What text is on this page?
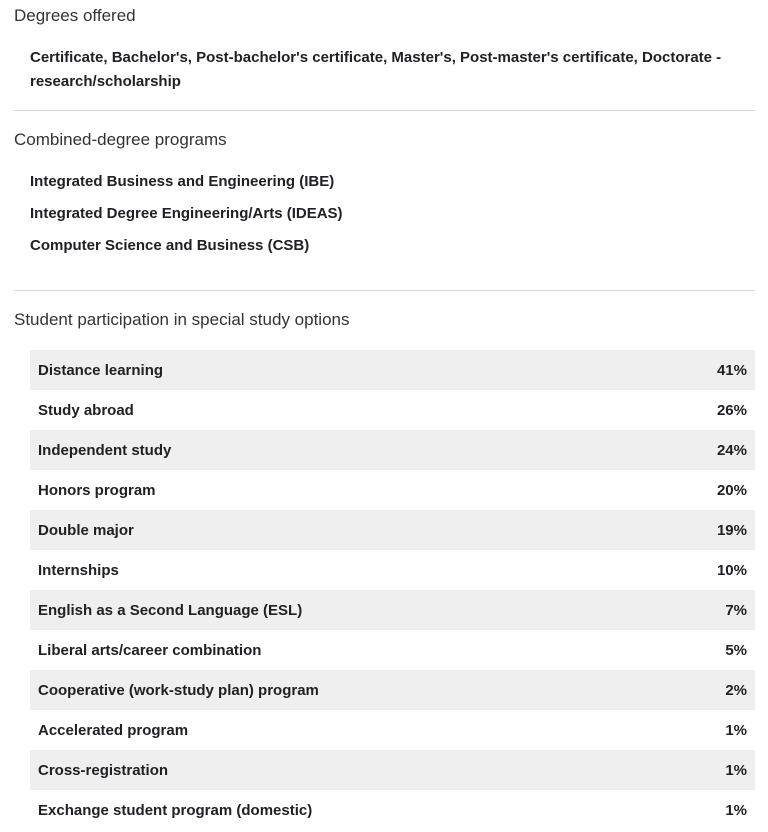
Degrees offered
Certificate, Bachelor's, Post-bachelor's certificate, Master's, Post-master's certificate, Doctorate - research/scholarship
Combined-degree programs
Integrated Business and Engineering (IBE)
Integrated Degree Engineering/Arts (IDEAS)
Computer Science and Business (CSB)
Student participation in special study options
Distance learning	41%
Study abroad	26%
Independent study	24%
Honors program	20%
Double major	19%
Internships	10%
English as a Second Language (ESL)	7%
Liberal arts/career combination	5%
Cooperative (work-study plan) program	2%
Accelerated program	1%
Cross-registration	1%
Exchange student program (domestic)	1%
